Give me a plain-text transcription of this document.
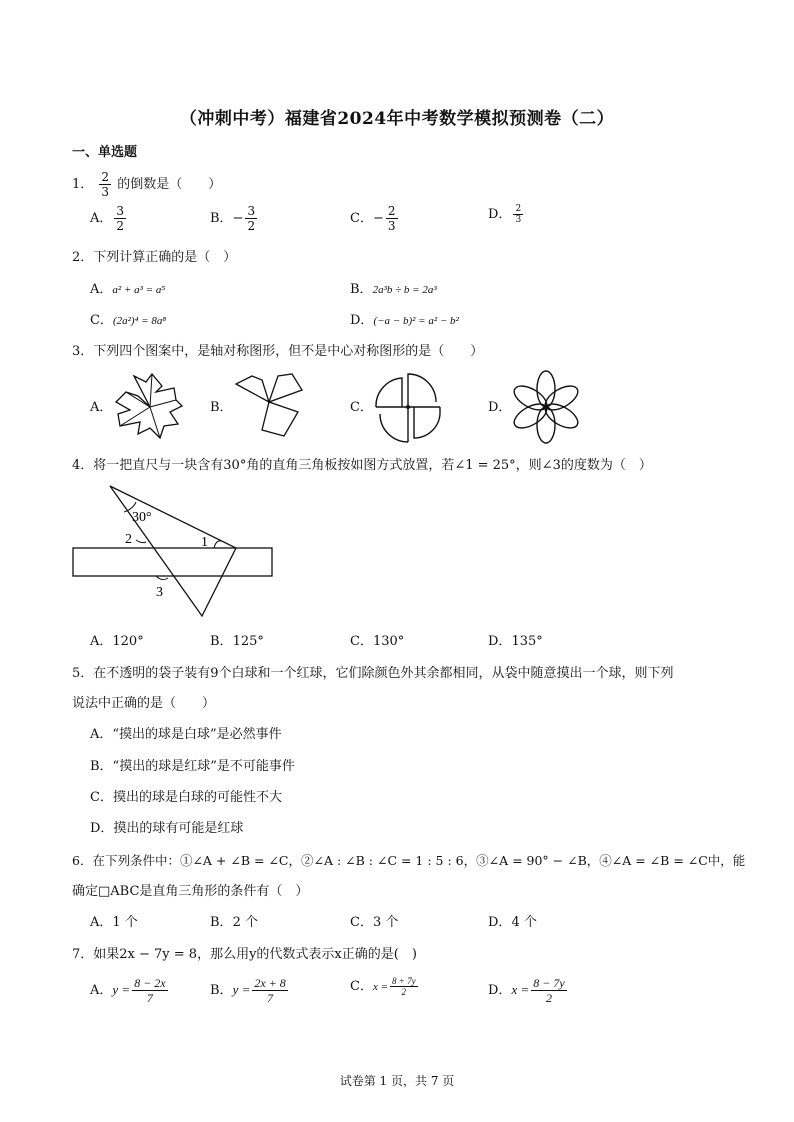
（冲刺中考）福建省2024年中考数学模拟预测卷（二）
一、单选题
1． $\frac{2}{3}$ 的倒数是（　　）
A． $\frac{3}{2}$	B．− $\frac{3}{2}$	C．− $\frac{2}{3}$	D． $\frac{2}{3}$
2．下列计算正确的是（　）
A．a² + a³ = a⁵	B．2a³b ÷ b = 2a³
C．(2a²)⁴ = 8a⁸	D．(−a − b)² = a² − b²
3．下列四个图案中，是轴对称图形，但不是中心对称图形的是（　　）
A．	B．	C．	D．
4．将一把直尺与一块含有30°角的直角三角板按如图方式放置，若∠1 = 25°，则∠3的度数为（　）
30°
2	1
3
A．120°	B．125°	C．130°	D．135°
5．在不透明的袋子装有9个白球和一个红球，它们除颜色外其余都相同，从袋中随意摸出一个球，则下列
说法中正确的是（　　）
A．“摸出的球是白球”是必然事件
B．“摸出的球是红球”是不可能事件
C．摸出的球是白球的可能性不大
D．摸出的球有可能是红球
6．在下列条件中：①∠A + ∠B = ∠C，②∠A : ∠B : ∠C = 1 : 5 : 6，③∠A = 90° − ∠B，④∠A = ∠B = ∠C中，能
确定□ABC是直角三角形的条件有（　）
A．1 个	B．2 个	C．3 个	D．4 个
7．如果2x − 7y = 8，那么用y的代数式表示x正确的是(　)
A．$y = \frac{8 - 2x}{7}$	B．$y = \frac{2x + 8}{7}$	C．$x = \frac{8 + 7y}{2}$	D．$x = \frac{8 - 7y}{2}$
试卷第 1 页，共 7 页
